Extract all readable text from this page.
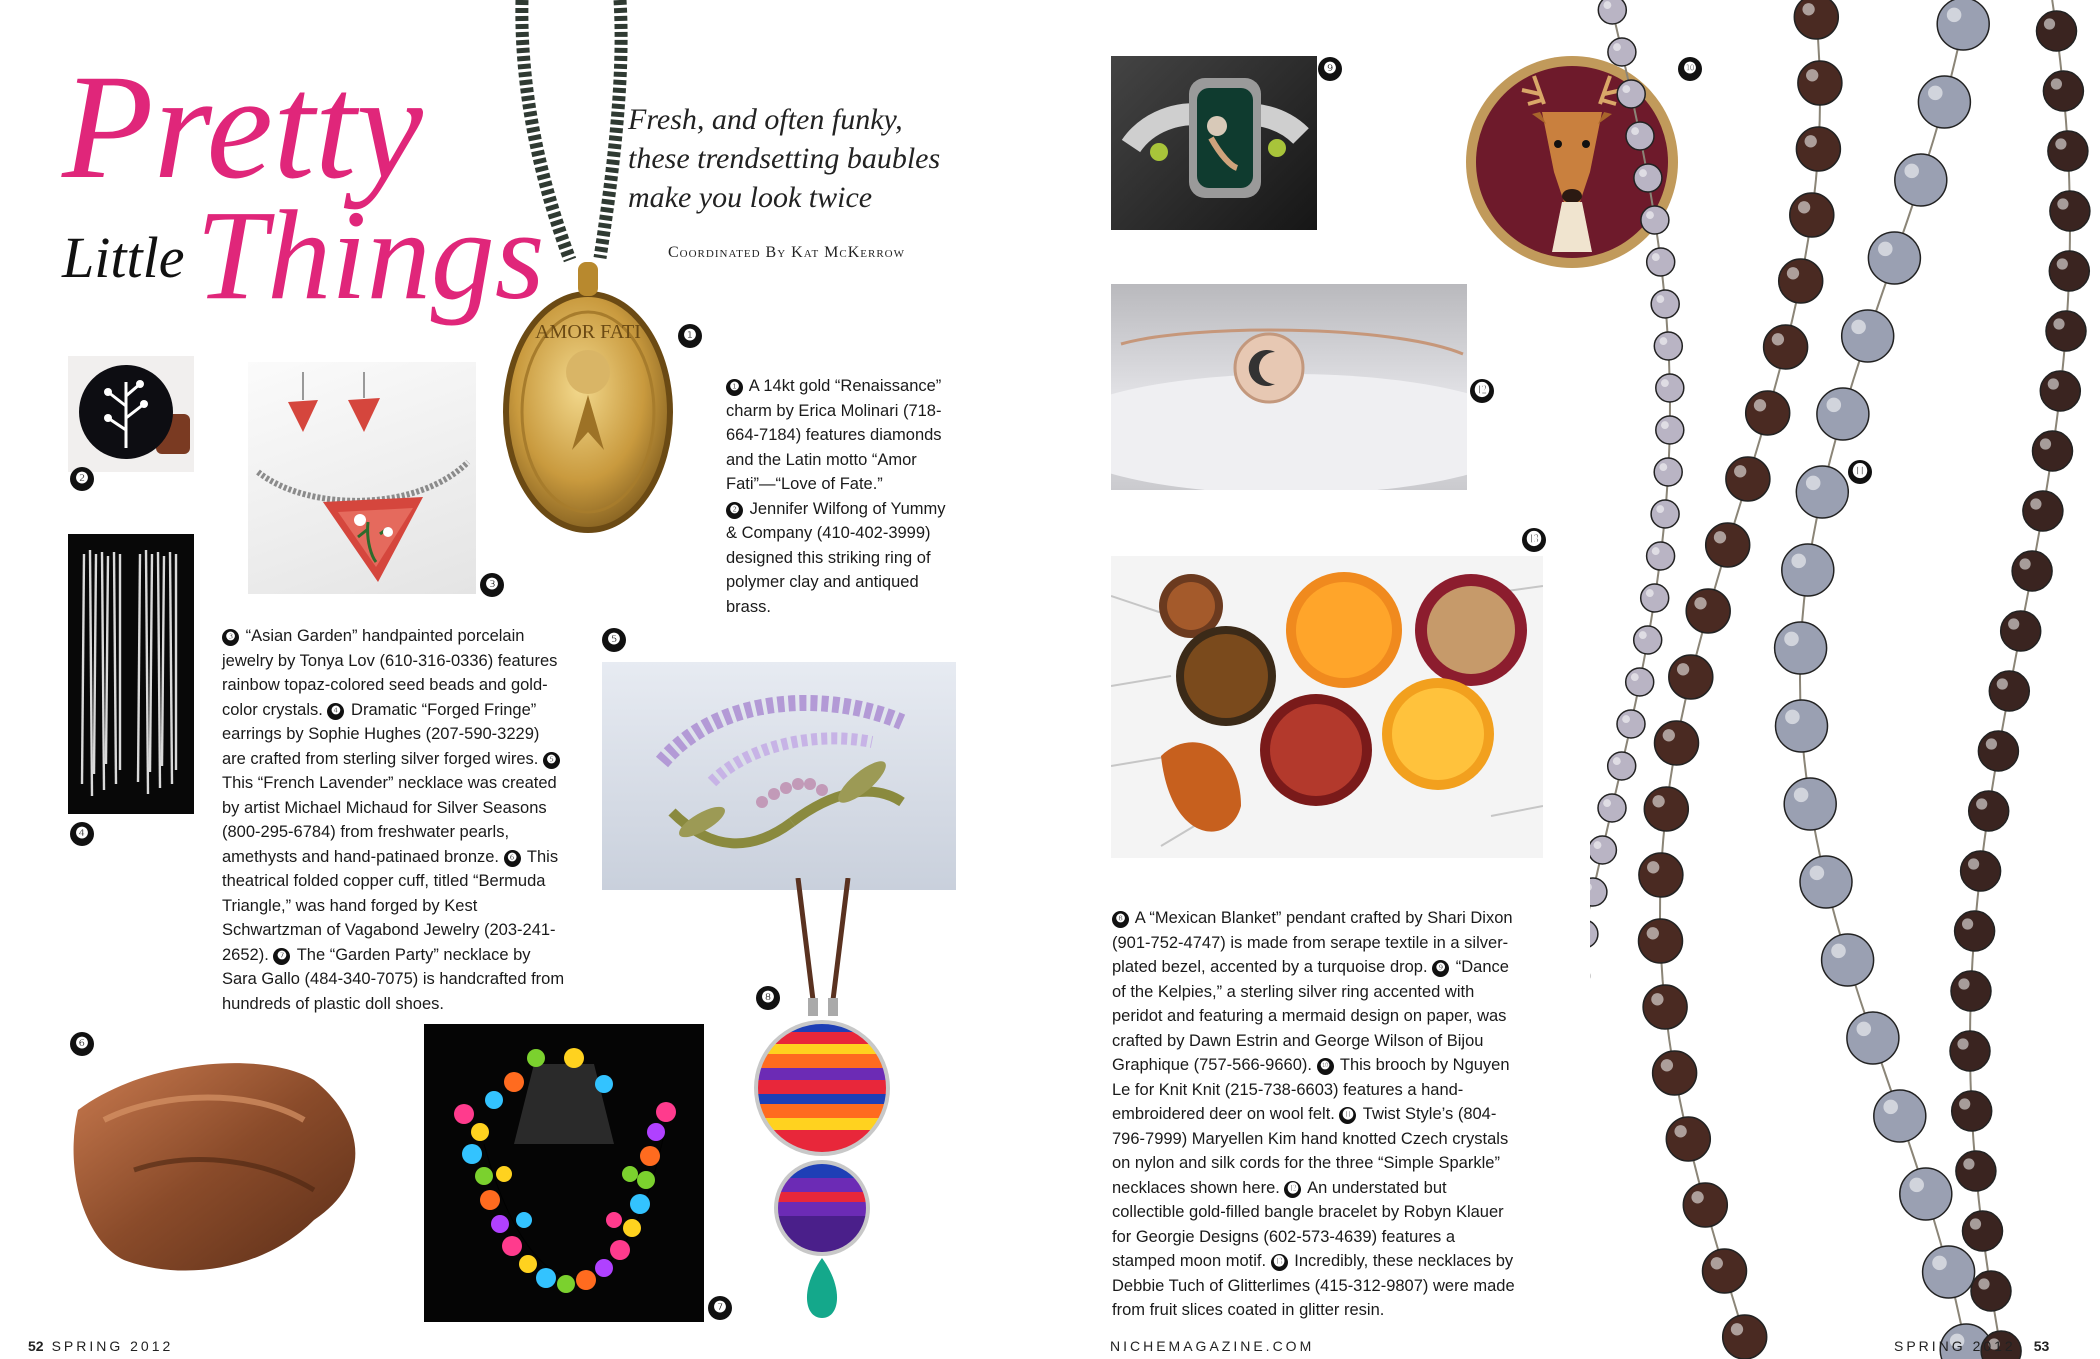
Pretty
Little Things
AMOR FATI
Fresh, and often funky,
these trendsetting baubles
make you look twice
Coordinated By Kat McKerrow
❷
❸
❶

❶ A 14kt gold “Renaissance” charm by Erica Molinari (718-664-7184) features diamonds and the Latin motto “Amor Fati”—“Love of Fate.”

❷ Jennifer Wilfong of Yummy & Company (410-402-3999) designed this striking ring of polymer clay and antiqued brass.

❹

❸ “Asian Garden” handpainted porcelain jewelry by Tonya Lov (610-316-0336) features rainbow topaz-colored seed beads and gold-color crystals. ❹ Dramatic “Forged Fringe” earrings by Sophie Hughes (207-590-3229) are crafted from sterling silver forged wires. ❺ This “French Lavender” necklace was created by artist Michael Michaud for Silver Seasons (800-295-6784) from freshwater pearls, amethysts and hand-patinaed bronze. ❻ This theatrical folded copper cuff, titled “Bermuda Triangle,” was hand forged by Kest Schwartzman of Vagabond Jewelry (203-241-2652). ❼ The “Garden Party” necklace by Sara Gallo (484-340-7075) is handcrafted from hundreds of plastic doll shoes.

❺
❻
❼
❽
52 SPRING 2012
❾	❿
⓬
⓭

❽ A “Mexican Blanket” pendant crafted by Shari Dixon (901-752-4747) is made from serape textile in a silver-plated bezel, accented by a turquoise drop. ❾ “Dance of the Kelpies,” a sterling silver ring accented with peridot and featuring a mermaid design on paper, was crafted by Dawn Estrin and George Wilson of Bijou Graphique (757-566-9660). ❿ This brooch by Nguyen Le for Knit Knit (215-738-6603) features a hand-embroidered deer on wool felt. ⓫ Twist Style’s (804-796-7999) Maryellen Kim hand knotted Czech crystals on nylon and silk cords for the three “Simple Sparkle” necklaces shown here. ⓬ An understated but collectible gold-filled bangle bracelet by Robyn Klauer for Georgie Designs (602-573-4639) features a stamped moon motif. ⓭ Incredibly, these necklaces by Debbie Tuch of Glitterlimes (415-312-9807) were made from fruit slices coated in glitter resin.

⓫
NICHEMAGAZINE.COM	SPRING 2012 53
